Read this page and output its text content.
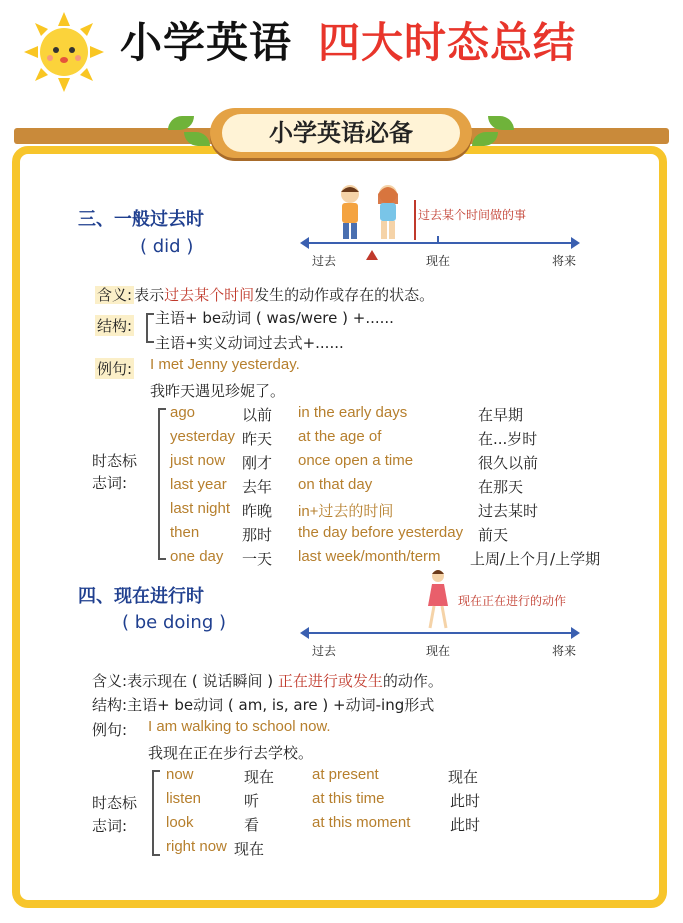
小学英语 四大时态总结
小学英语必备
三、一般过去时
( did )
过去某个时间做的事
过去	现在	将来
含义: 表示过去某个时间发生的动作或存在的状态。
结构: 主语+ be动词 ( was/were ) +......
主语+实义动词过去式+......
例句: I met Jenny yesterday.
我昨天遇见珍妮了。
时态标
志词:
ago	以前 in the early days	在早期
yesterday 昨天 at the age of	在...岁时
just now 刚才 once open a time	很久以前
last year 去年 on that day	在那天
last night 昨晚 in+过去的时间	过去某时
then	那时 the day before yesterday 前天
one day 一天 last week/month/term 上周/上个月/上学期
四、现在进行时
( be doing )
现在正在进行的动作
过去	现在	将来
含义:表示现在 ( 说话瞬间 ) 正在进行或发生的动作。
结构:主语+ be动词 ( am, is, are ) +动词-ing形式
例句: I am walking to school now.
我现在正在步行去学校。
时态标
志词:
now	现在	at present	现在
listen	听	at this time	此时
look	看	at this moment	此时
right now 现在
